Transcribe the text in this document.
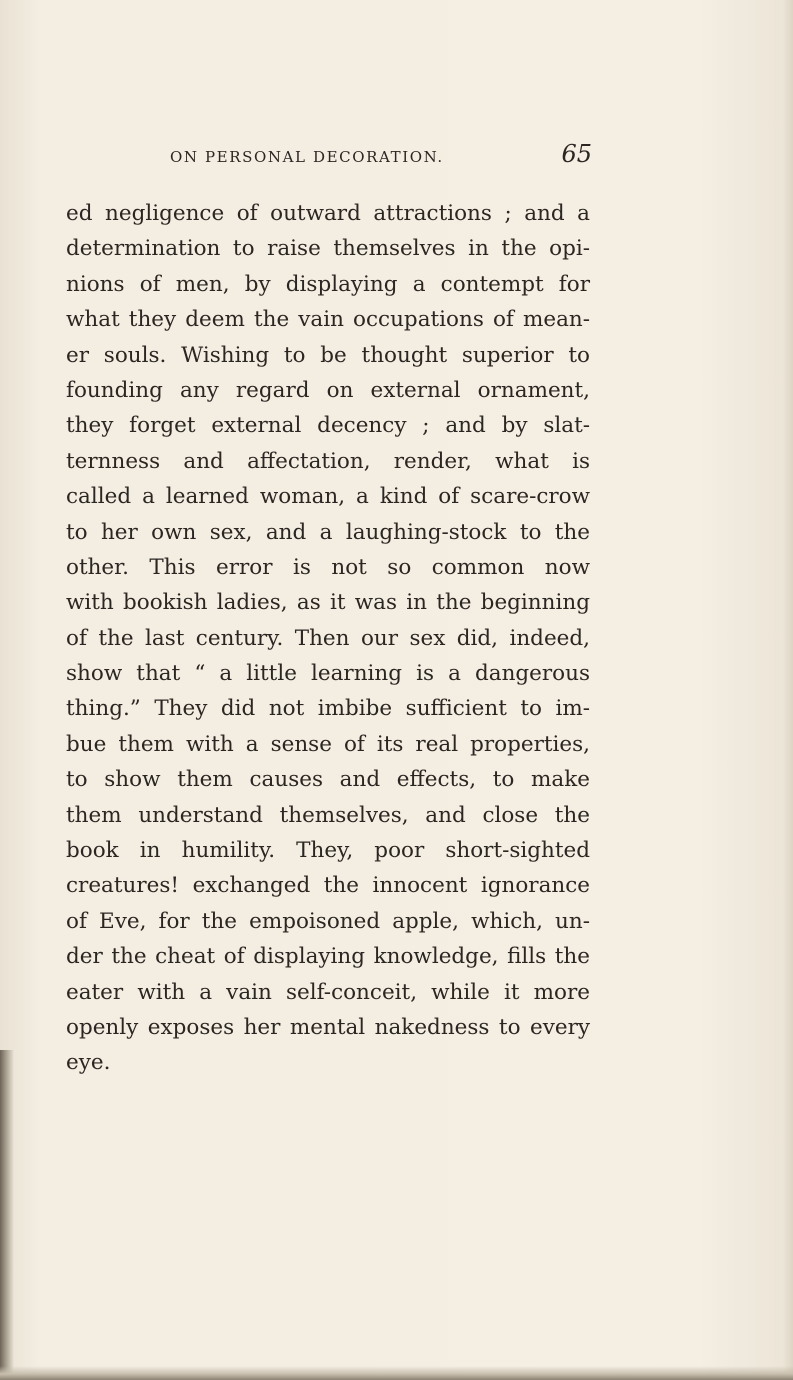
ON PERSONAL DECORATION.	65
ed negligence of outward attractions ; and a
determination to raise themselves in the opi-
nions of men, by displaying a contempt for
what they deem the vain occupations of mean-
er souls. Wishing to be thought superior to
founding any regard on external ornament,
they forget external decency ; and by slat-
ternness and affectation, render, what is
called a learned woman, a kind of scare-crow
to her own sex, and a laughing-stock to the
other. This error is not so common now
with bookish ladies, as it was in the beginning
of the last century. Then our sex did, indeed,
show that “ a little learning is a dangerous
thing.” They did not imbibe sufficient to im-
bue them with a sense of its real properties,
to show them causes and effects, to make
them understand themselves, and close the
book in humility. They, poor short-sighted
creatures! exchanged the innocent ignorance
of Eve, for the empoisoned apple, which, un-
der the cheat of displaying knowledge, fills the
eater with a vain self-conceit, while it more
openly exposes her mental nakedness to every
eye.
